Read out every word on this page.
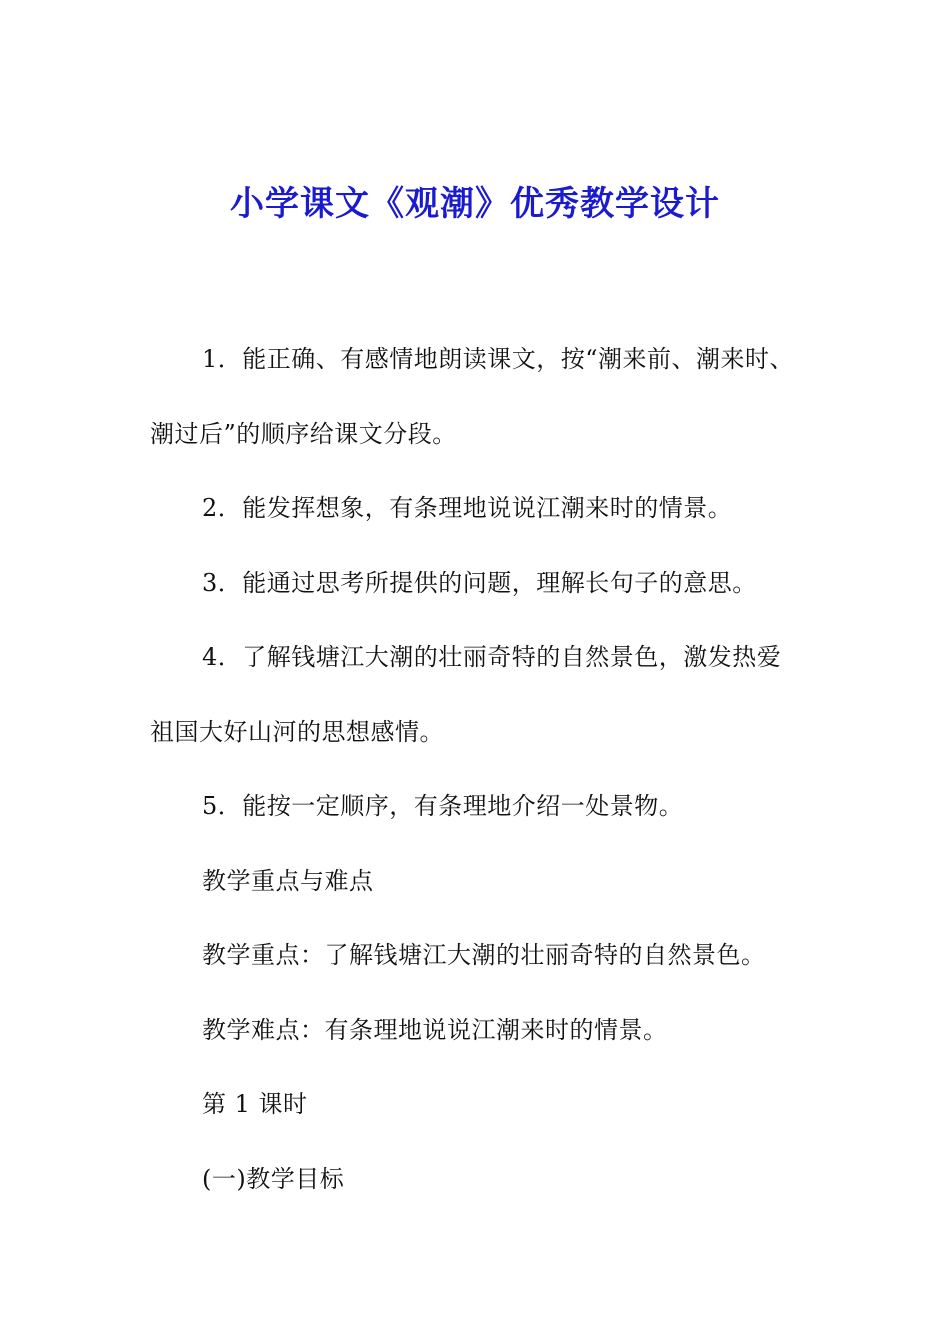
小学课文《观潮》优秀教学设计

1．能正确、有感情地朗读课文，按“潮来前、潮来时、潮过后”的顺序给课文分段。

2．能发挥想象，有条理地说说江潮来时的情景。

3．能通过思考所提供的问题，理解长句子的意思。

4．了解钱塘江大潮的壮丽奇特的自然景色，激发热爱祖国大好山河的思想感情。

5．能按一定顺序，有条理地介绍一处景物。

教学重点与难点

教学重点：了解钱塘江大潮的壮丽奇特的自然景色。

教学难点：有条理地说说江潮来时的情景。

第 1 课时

(一)教学目标
